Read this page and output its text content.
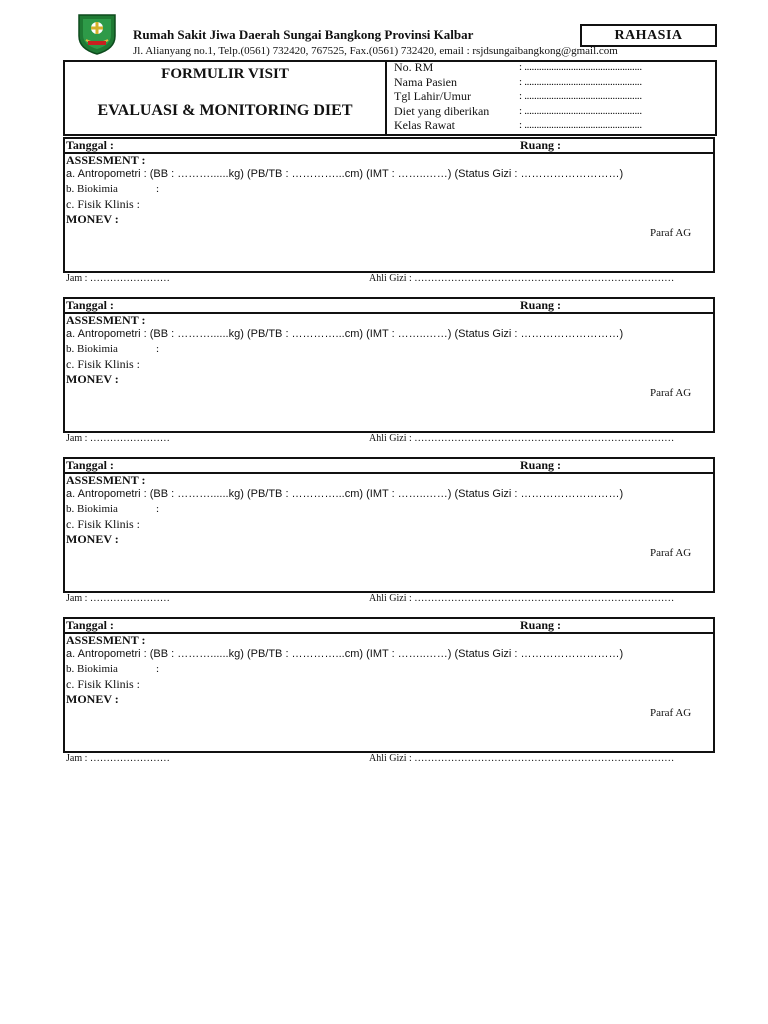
Rumah Sakit Jiwa Daerah Sungai Bangkong Provinsi Kalbar
Jl. Alianyang no.1, Telp.(0561) 732420, 767525, Fax.(0561) 732420, email : rsjdsungaibangkong@gmail.com
RAHASIA
FORMULIR VISIT
EVALUASI & MONITORING DIET
No. RM	: ................................................
Nama Pasien	: ................................................
Tgl Lahir/Umur	: ................................................
Diet yang diberikan	: ................................................
Kelas Rawat	: ................................................
Tanggal :	Ruang :
ASSESMENT :
a. Antropometri : (BB : ………......kg) (PB/TB : …………...cm) (IMT : ……..……) (Status Gizi : ………………………)
b. Biokimia	:
c. Fisik Klinis :
MONEV :
Paraf AG
Jam : ……………………	Ahli Gizi : ……………………………………………………………………
Tanggal :	Ruang :
ASSESMENT :
a. Antropometri : (BB : ………......kg) (PB/TB : …………...cm) (IMT : ……..……) (Status Gizi : ………………………)
b. Biokimia	:
c. Fisik Klinis :
MONEV :
Paraf AG
Jam : ……………………	Ahli Gizi : ……………………………………………………………………
Tanggal :	Ruang :
ASSESMENT :
a. Antropometri : (BB : ………......kg) (PB/TB : …………...cm) (IMT : ……..……) (Status Gizi : ………………………)
b. Biokimia	:
c. Fisik Klinis :
MONEV :
Paraf AG
Jam : ……………………	Ahli Gizi : ……………………………………………………………………
Tanggal :	Ruang :
ASSESMENT :
a. Antropometri : (BB : ………......kg) (PB/TB : …………...cm) (IMT : ……..……) (Status Gizi : ………………………)
b. Biokimia	:
c. Fisik Klinis :
MONEV :
Paraf AG
Jam : ……………………	Ahli Gizi : ……………………………………………………………………
